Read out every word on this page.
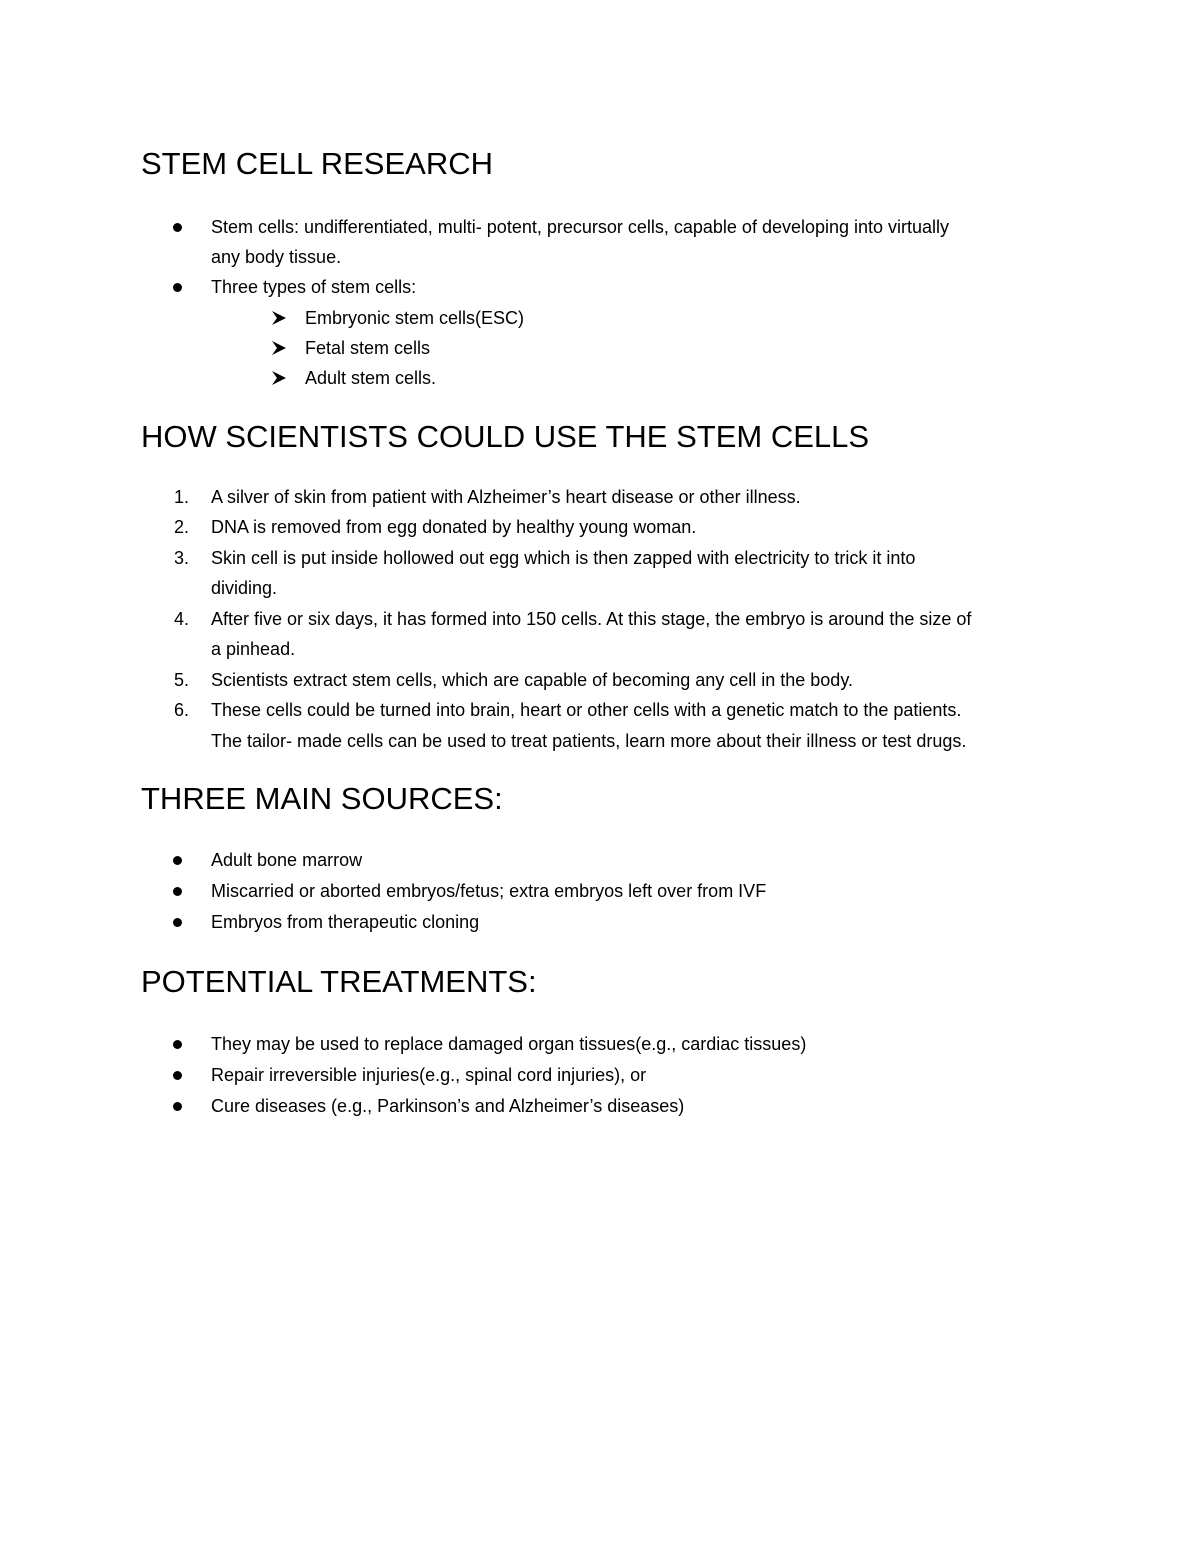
STEM CELL RESEARCH
Stem cells: undifferentiated, multi- potent, precursor cells, capable of developing into virtually
any body tissue.
Three types of stem cells:
Embryonic stem cells(ESC)
Fetal stem cells
Adult stem cells.
HOW SCIENTISTS COULD USE THE STEM CELLS
1.	A silver of skin from patient with Alzheimer’s heart disease or other illness.
2.	DNA is removed from egg donated by healthy young woman.
3.	Skin cell is put inside hollowed out egg which is then zapped with electricity to trick it into
dividing.
4.	After five or six days, it has formed into 150 cells. At this stage, the embryo is around the size of
a pinhead.
5.	Scientists extract stem cells, which are capable of becoming any cell in the body.
6.	These cells could be turned into brain, heart or other cells with a genetic match to the patients.
The tailor- made cells can be used to treat patients, learn more about their illness or test drugs.
THREE MAIN SOURCES:
Adult bone marrow
Miscarried or aborted embryos/fetus; extra embryos left over from IVF
Embryos from therapeutic cloning
POTENTIAL TREATMENTS:
They may be used to replace damaged organ tissues(e.g., cardiac tissues)
Repair irreversible injuries(e.g., spinal cord injuries), or
Cure diseases (e.g., Parkinson’s and Alzheimer’s diseases)
